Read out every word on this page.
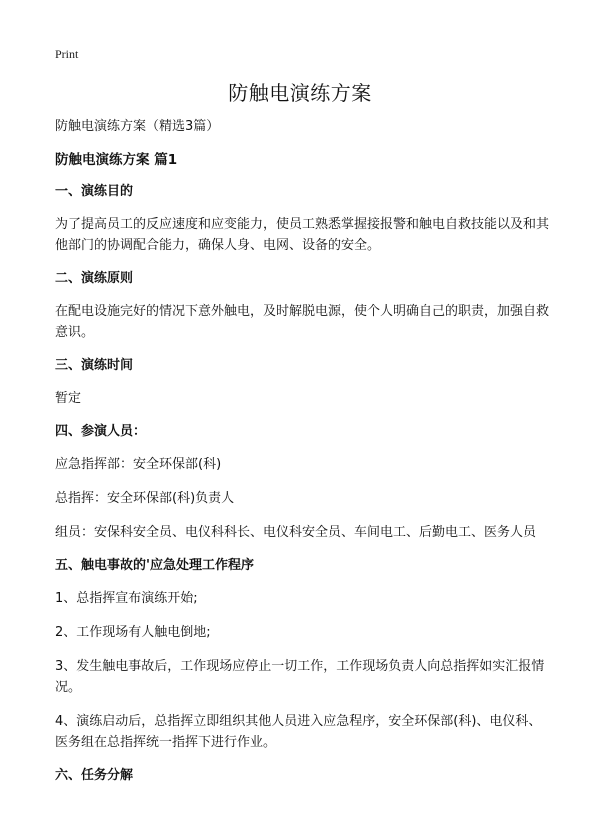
Print
防触电演练方案

防触电演练方案（精选3篇）

防触电演练方案 篇1

一、演练目的

为了提高员工的反应速度和应变能力，使员工熟悉掌握接报警和触电自救技能以及和其他部门的协调配合能力，确保人身、电网、设备的安全。

二、演练原则

在配电设施完好的情况下意外触电，及时解脱电源，使个人明确自己的职责，加强自救意识。

三、演练时间

暂定

四、参演人员：

应急指挥部：安全环保部(科)

总指挥：安全环保部(科)负责人

组员：安保科安全员、电仪科科长、电仪科安全员、车间电工、后勤电工、医务人员

五、触电事故的'应急处理工作程序

1、总指挥宣布演练开始;

2、工作现场有人触电倒地;

3、发生触电事故后，工作现场应停止一切工作，工作现场负责人向总指挥如实汇报情况。

4、演练启动后，总指挥立即组织其他人员进入应急程序，安全环保部(科)、电仪科、医务组在总指挥统一指挥下进行作业。

六、任务分解
